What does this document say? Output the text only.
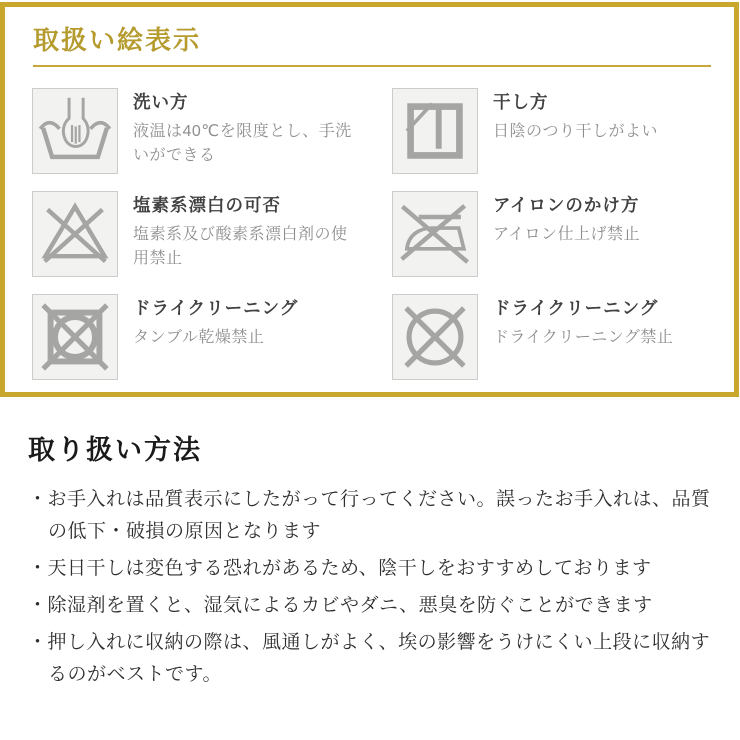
取扱い絵表示

洗い方

液温は40℃を限度とし、手洗いができる

干し方

日陰のつり干しがよい

塩素系漂白の可否

塩素系及び酸素系漂白剤の使用禁止

アイロンのかけ方

アイロン仕上げ禁止

ドライクリーニング

タンブル乾燥禁止

ドライクリーニング

ドライクリーニング禁止

取り扱い方法
・お手入れは品質表示にしたがって行ってください。誤ったお手入れは、品質の低下・破損の原因となります
・天日干しは変色する恐れがあるため、陰干しをおすすめしております
・除湿剤を置くと、湿気によるカビやダニ、悪臭を防ぐことができます
・押し入れに収納の際は、風通しがよく、埃の影響をうけにくい上段に収納するのがベストです。
